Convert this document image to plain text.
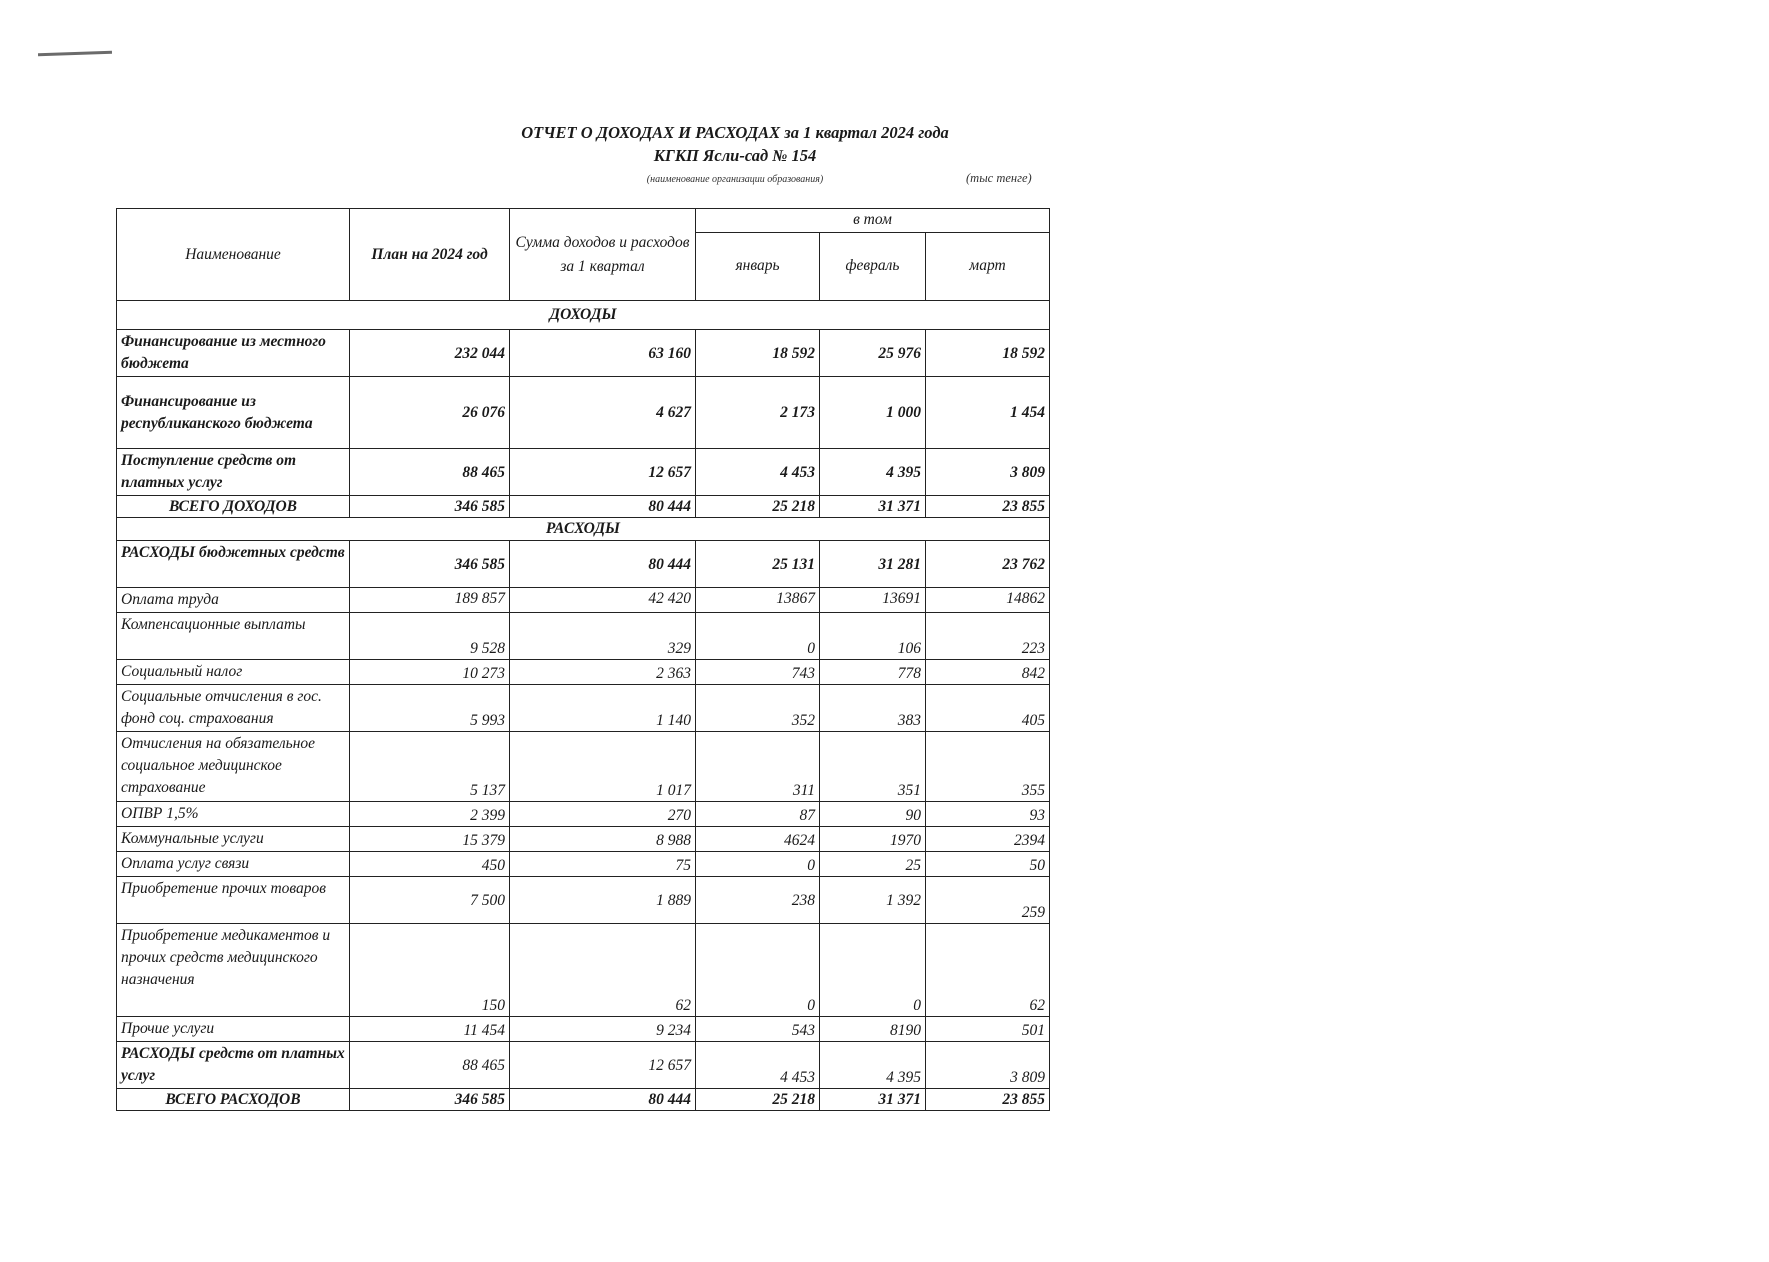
ОТЧЕТ О ДОХОДАХ И РАСХОДАХ за 1 квартал 2024 года
КГКП Ясли-сад № 154
(наименование организации образования)	(тыс тенге)
Наименование	План на 2024 год	Сумма доходов и расходов за 1 квартал	в том		
			январь	февраль	март
ДОХОДЫ					
Финансирование из местного бюджета	232 044	63 160	18 592	25 976	18 592
Финансирование из республиканского бюджета	26 076	4 627	2 173	1 000	1 454
Поступление средств от платных услуг	88 465	12 657	4 453	4 395	3 809
ВСЕГО ДОХОДОВ	346 585	80 444	25 218	31 371	23 855
РАСХОДЫ					
РАСХОДЫ бюджетных средств	346 585	80 444	25 131	31 281	23 762
Оплата труда	189 857	42 420	13867	13691	14862
Компенсационные выплаты	9 528	329	0	106	223
Социальный налог	10 273	2 363	743	778	842
Социальные отчисления в гос. фонд соц. страхования	5 993	1 140	352	383	405
Отчисления на обязательное социальное медицинское страхование	5 137	1 017	311	351	355
ОПВР 1,5%	2 399	270	87	90	93
Коммунальные услуги	15 379	8 988	4624	1970	2394
Оплата услуг связи	450	75	0	25	50
Приобретение прочих товаров	7 500	1 889	238	1 392	259
Приобретение медикаментов и прочих средств медицинского назначения	150	62	0	0	62
Прочие услуги	11 454	9 234	543	8190	501
РАСХОДЫ средств от платных услуг	88 465	12 657	4 453	4 395	3 809
ВСЕГО РАСХОДОВ	346 585	80 444	25 218	31 371	23 855
